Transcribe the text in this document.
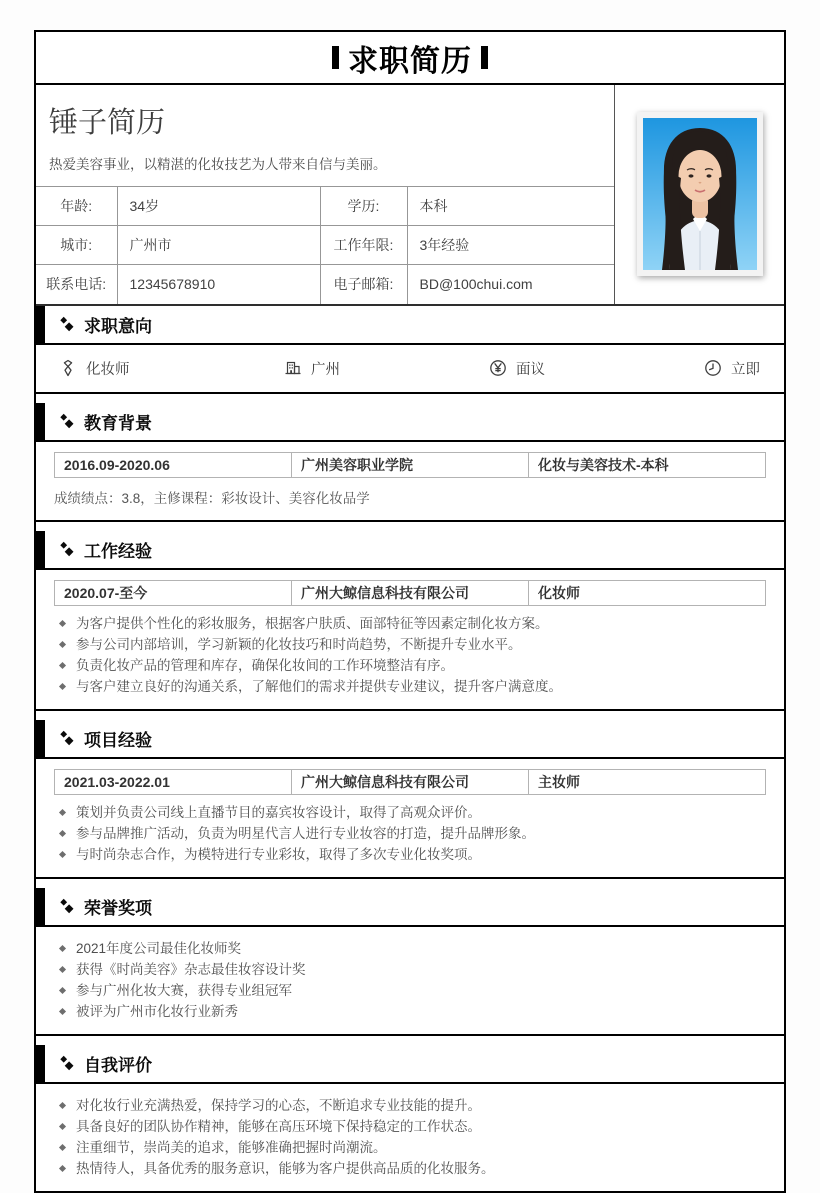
求职简历
锤子简历
热爱美容事业，以精湛的化妆技艺为人带来自信与美丽。
年龄:	34岁	学历:	本科
城市:	广州市	工作年限:	3年经验
联系电话:	12345678910	电子邮箱:	BD@100chui.com
求职意向
化妆师	广州	面议	立即
教育背景
2016.09-2020.06	广州美容职业学院	化妆与美容技术-本科
成绩绩点：3.8，主修课程：彩妆设计、美容化妆品学
工作经验
2020.07-至今	广州大鲸信息科技有限公司	化妆师
为客户提供个性化的彩妆服务，根据客户肤质、面部特征等因素定制化妆方案。
参与公司内部培训，学习新颖的化妆技巧和时尚趋势，不断提升专业水平。
负责化妆产品的管理和库存，确保化妆间的工作环境整洁有序。
与客户建立良好的沟通关系，了解他们的需求并提供专业建议，提升客户满意度。
项目经验
2021.03-2022.01	广州大鲸信息科技有限公司	主妆师
策划并负责公司线上直播节目的嘉宾妆容设计，取得了高观众评价。
参与品牌推广活动，负责为明星代言人进行专业妆容的打造，提升品牌形象。
与时尚杂志合作，为模特进行专业彩妆，取得了多次专业化妆奖项。
荣誉奖项
2021年度公司最佳化妆师奖
获得《时尚美容》杂志最佳妆容设计奖
参与广州化妆大赛，获得专业组冠军
被评为广州市化妆行业新秀
自我评价
对化妆行业充满热爱，保持学习的心态，不断追求专业技能的提升。
具备良好的团队协作精神，能够在高压环境下保持稳定的工作状态。
注重细节，崇尚美的追求，能够准确把握时尚潮流。
热情待人，具备优秀的服务意识，能够为客户提供高品质的化妆服务。
